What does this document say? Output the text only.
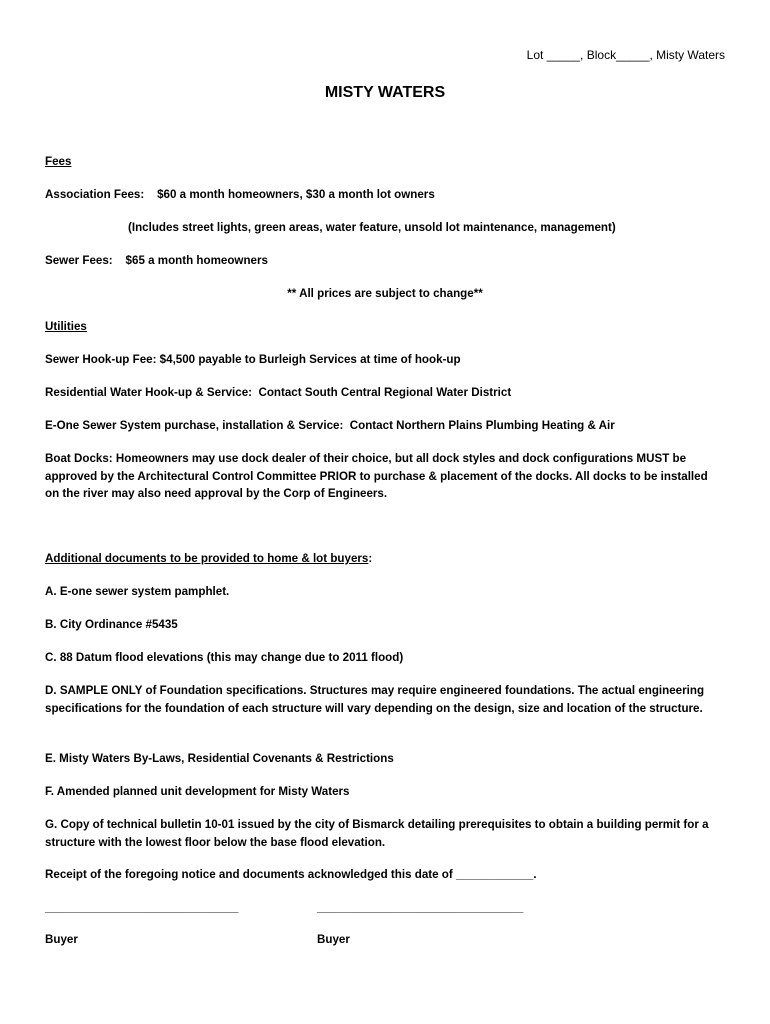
Lot _____, Block_____, Misty Waters
MISTY WATERS
Fees
Association Fees:    $60 a month homeowners, $30 a month lot owners
(Includes street lights, green areas, water feature, unsold lot maintenance, management)
Sewer Fees:    $65 a month homeowners
** All prices are subject to change**
Utilities
Sewer Hook-up Fee: $4,500 payable to Burleigh Services at time of hook-up
Residential Water Hook-up & Service:  Contact South Central Regional Water District
E-One Sewer System purchase, installation & Service:  Contact Northern Plains Plumbing Heating & Air
Boat Docks: Homeowners may use dock dealer of their choice, but all dock styles and dock configurations MUST be approved by the Architectural Control Committee PRIOR to purchase & placement of the docks. All docks to be installed on the river may also need approval by the Corp of Engineers.
Additional documents to be provided to home & lot buyers:
A. E-one sewer system pamphlet.
B. City Ordinance #5435
C. 88 Datum flood elevations (this may change due to 2011 flood)
D. SAMPLE ONLY of Foundation specifications. Structures may require engineered foundations. The actual engineering specifications for the foundation of each structure will vary depending on the design, size and location of the structure.
E. Misty Waters By-Laws, Residential Covenants & Restrictions
F. Amended planned unit development for Misty Waters
G. Copy of technical bulletin 10-01 issued by the city of Bismarck detailing prerequisites to obtain a building permit for a structure with the lowest floor below the base flood elevation.
Receipt of the foregoing notice and documents acknowledged this date of ____________.
______________________________	________________________________
Buyer	Buyer
